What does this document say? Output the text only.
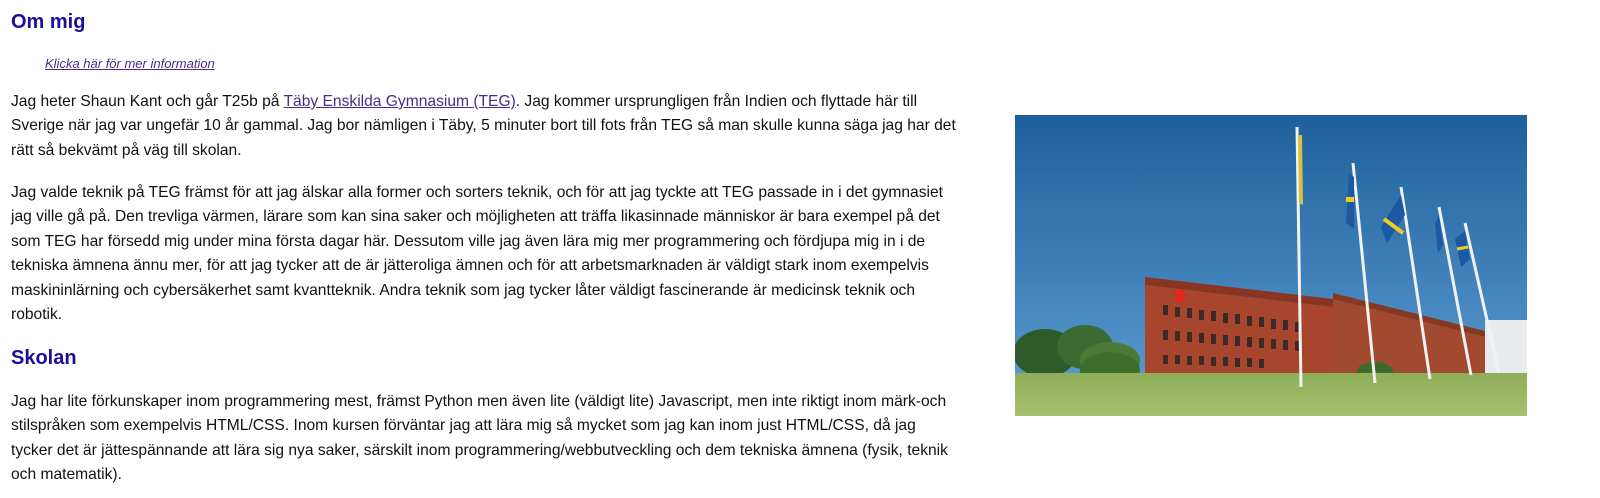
Om mig
Klicka här för mer information

Jag heter Shaun Kant och går T25b på Täby Enskilda Gymnasium (TEG). Jag kommer ursprungligen från Indien och flyttade här till Sverige när jag var ungefär 10 år gammal. Jag bor nämligen i Täby, 5 minuter bort till fots från TEG så man skulle kunna säga jag har det rätt så bekvämt på väg till skolan.

Jag valde teknik på TEG främst för att jag älskar alla former och sorters teknik, och för att jag tyckte att TEG passade in i det gymnasiet jag ville gå på. Den trevliga värmen, lärare som kan sina saker och möjligheten att träffa likasinnade människor är bara exempel på det som TEG har försedd mig under mina första dagar här. Dessutom ville jag även lära mig mer programmering och fördjupa mig in i de tekniska ämnena ännu mer, för att jag tycker att de är jätteroliga ämnen och för att arbetsmarknaden är väldigt stark inom exempelvis maskininlärning och cybersäkerhet samt kvantteknik. Andra teknik som jag tycker låter väldigt fascinerande är medicinsk teknik och robotik.

Skolan

Jag har lite förkunskaper inom programmering mest, främst Python men även lite (väldigt lite) Javascript, men inte riktigt inom märk-och stilspråken som exempelvis HTML/CSS. Inom kursen förväntar jag att lära mig så mycket som jag kan inom just HTML/CSS, då jag tycker det är jättespännande att lära sig nya saker, särskilt inom programmering/webbutveckling och dem tekniska ämnena (fysik, teknik och matematik).
